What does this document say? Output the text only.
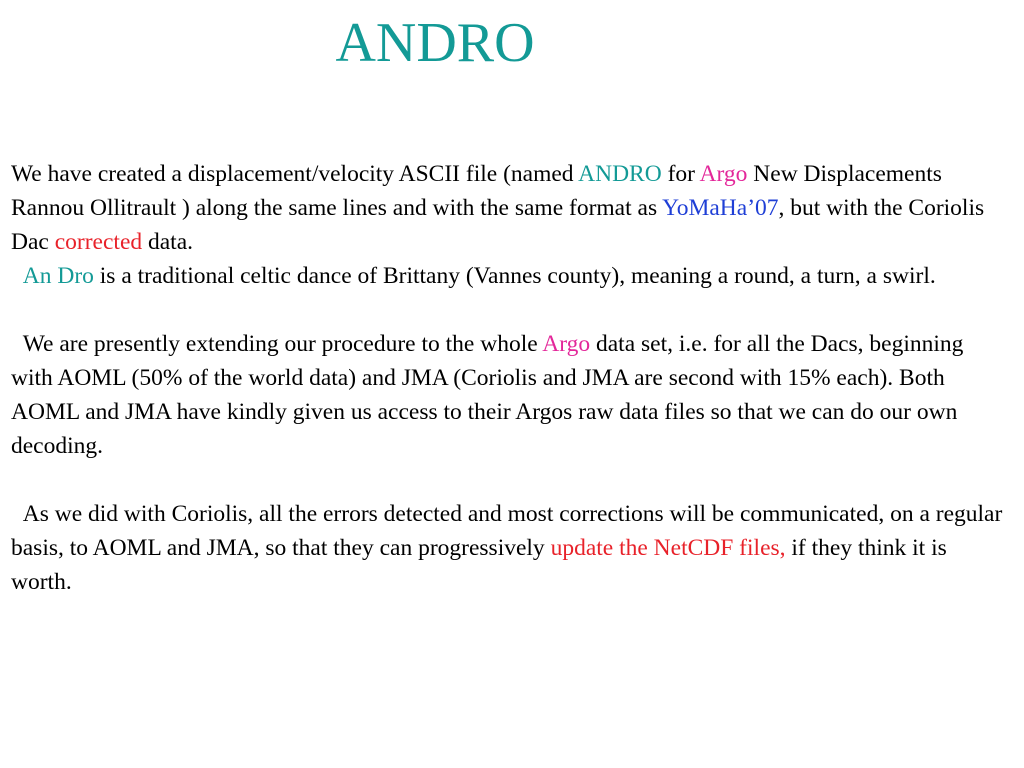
ANDRO

We have created a displacement/velocity ASCII file (named ANDRO for Argo New Displacements Rannou Ollitrault ) along the same lines and with the same format as YoMaHa’07, but with the Coriolis Dac corrected data.

An Dro is a traditional celtic dance of Brittany (Vannes county), meaning a round, a turn, a swirl.

We are presently extending our procedure to the whole Argo data set, i.e. for all the Dacs, beginning with AOML (50% of the world data) and JMA (Coriolis and JMA are second with 15% each). Both AOML and JMA have kindly given us access to their Argos raw data files so that we can do our own decoding.

As we did with Coriolis, all the errors detected and most corrections will be communicated, on a regular basis, to AOML and JMA, so that they can progressively update the NetCDF files, if they think it is worth.
